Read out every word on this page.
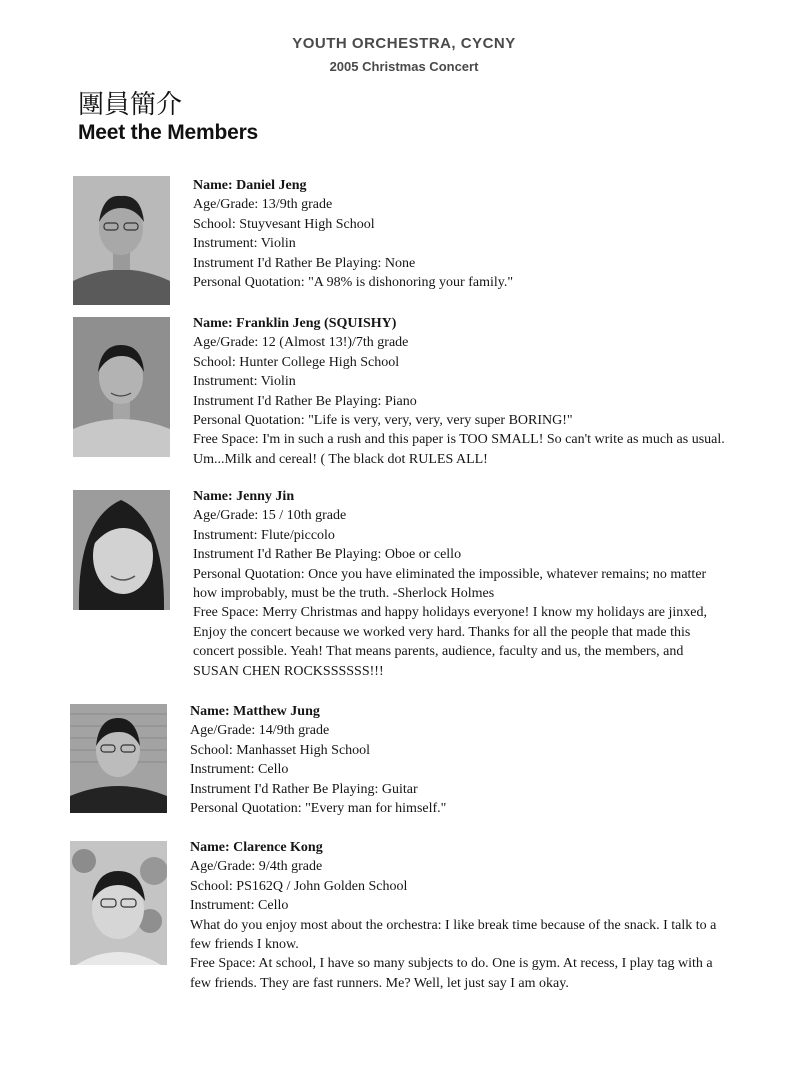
YOUTH ORCHESTRA, CYCNY
2005 Christmas Concert
團員簡介
Meet the Members
Name: Daniel Jeng
Age/Grade: 13/9th grade
School: Stuyvesant High School
Instrument: Violin
Instrument I'd Rather Be Playing: None
Personal Quotation: "A 98% is dishonoring your family."
Name: Franklin Jeng (SQUISHY)
Age/Grade: 12 (Almost 13!)/7th grade
School: Hunter College High School
Instrument: Violin
Instrument I'd Rather Be Playing: Piano
Personal Quotation: "Life is very, very, very, very super BORING!"
Free Space: I'm in such a rush and this paper is TOO SMALL! So can't write as much as usual.
Um...Milk and cereal! ( The black dot RULES ALL!
Name: Jenny Jin
Age/Grade: 15 / 10th grade
Instrument: Flute/piccolo
Instrument I'd Rather Be Playing: Oboe or cello
Personal Quotation: Once you have eliminated the impossible, whatever remains; no matter
how improbably, must be the truth. -Sherlock Holmes
Free Space: Merry Christmas and happy holidays everyone! I know my holidays are jinxed,
Enjoy the concert because we worked very hard. Thanks for all the people that made this
concert possible. Yeah! That means parents, audience, faculty and us, the members, and
SUSAN CHEN ROCKSSSSSS!!!
Name: Matthew Jung
Age/Grade: 14/9th grade
School: Manhasset High School
Instrument: Cello
Instrument I'd Rather Be Playing: Guitar
Personal Quotation: "Every man for himself."
Name: Clarence Kong
Age/Grade: 9/4th grade
School: PS162Q / John Golden School
Instrument: Cello
What do you enjoy most about the orchestra: I like break time because of the snack. I talk to a
few friends I know.
Free Space: At school, I have so many subjects to do. One is gym. At recess, I play tag with a
few friends. They are fast runners. Me? Well, let just say I am okay.
